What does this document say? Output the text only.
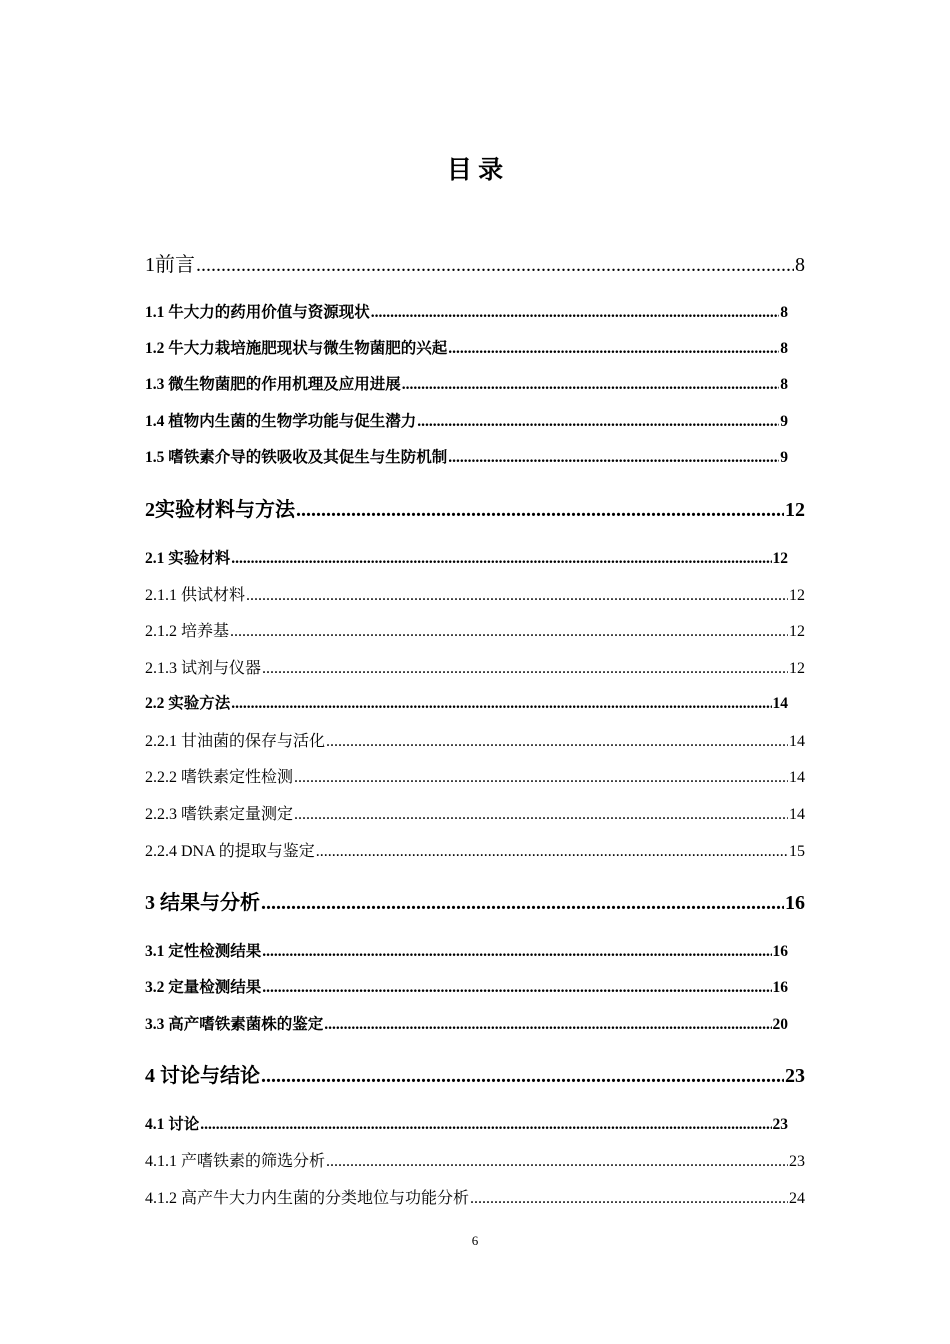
目 录
1前言 .....	8
1.1 牛大力的药用价值与资源现状 .....	8
1.2 牛大力栽培施肥现状与微生物菌肥的兴起 .....	8
1.3 微生物菌肥的作用机理及应用进展 .....	8
1.4 植物内生菌的生物学功能与促生潜力 .....	9
1.5 嗜铁素介导的铁吸收及其促生与生防机制 .....	9
2实验材料与方法 .....	12
2.1 实验材料 .....	12
2.1.1 供试材料 .....	12
2.1.2 培养基 .....	12
2.1.3 试剂与仪器 .....	12
2.2 实验方法 .....	14
2.2.1 甘油菌的保存与活化 .....	14
2.2.2 嗜铁素定性检测 .....	14
2.2.3 嗜铁素定量测定 .....	14
2.2.4 DNA 的提取与鉴定 .....	15
3 结果与分析 .....	16
3.1 定性检测结果 .....	16
3.2 定量检测结果 .....	16
3.3 高产嗜铁素菌株的鉴定 .....	20
4 讨论与结论 .....	23
4.1 讨论 .....	23
4.1.1 产嗜铁素的筛选分析 .....	23
4.1.2 高产牛大力内生菌的分类地位与功能分析 .....	24
6
